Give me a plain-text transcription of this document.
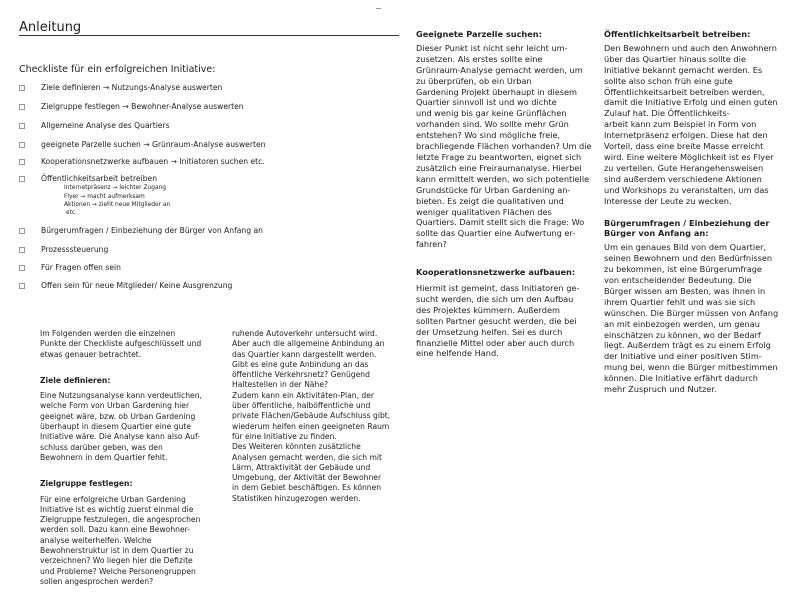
Anleitung
Checkliste für ein erfolgreichen Initiative:
Ziele definieren → Nutzungs-Analyse auswerten
Zielgruppe festlegen → Bewohner-Analyse auswerten
Allgemeine Analyse des Quartiers
geeignete Parzelle suchen → Grünraum-Analyse auswerten
Kooperationsnetzwerke aufbauen → Initiatoren suchen etc.
Öffentlichkeitsarbeit betreiben
Internetpräsenz → leichter Zugang
Flyer → macht aufmerksam
Aktionen → zieht neue Mitglieder an
etc.
Bürgerumfragen / Einbeziehung der Bürger von Anfang an
Prozesssteuerung
Für Fragen offen sein
Offen sein für neue Mitglieder/ Keine Ausgrenzung

Im Folgenden werden die einzelnen

Punkte der Checkliste aufgeschlüsselt und

etwas genauer betrachtet.

Ziele definieren:

Eine Nutzungsanalyse kann verdeutlichen,

welche Form von Urban Gardening hier

geeignet wäre, bzw. ob Urban Gardening

überhaupt in diesem Quartier eine gute

Initiative wäre. Die Analyse kann also Auf-

schluss darüber geben, was den

Bewohnern in dem Quartier fehlt.

Zielgruppe festlegen:

Für eine erfolgreiche Urban Gardening

Initiative ist es wichtig zuerst einmal die

Zielgruppe festzulegen, die angesprochen

werden soll. Dazu kann eine Bewohner-

analyse weiterhelfen. Welche

Bewohnerstruktur ist in dem Quartier zu

verzeichnen? Wo liegen hier die Defizite

und Probleme? Welche Personengruppen

sollen angesprochen werden?

ruhende Autoverkehr untersucht wird.

Aber auch die allgemeine Anbindung an

das Quartier kann dargestellt werden.

Gibt es eine gute Anbindung an das

öffentliche Verkehrsnetz? Genügend

Haltestellen in der Nähe?

Zudem kann ein Aktivitäten-Plan, der

über öffentliche, halböffentliche und

private Flächen/Gebäude Aufschluss gibt,

wiederum helfen einen geeigneten Raum

für eine Initiative zu finden.

Des Weiteren könnten zusätzliche

Analysen gemacht werden, die sich mit

Lärm, Attraktivität der Gebäude und

Umgebung, der Aktivität der Bewohner

in dem Gebiet beschäftigen. Es können

Statistiken hinzugezogen werden.

Geeignete Parzelle suchen:

Dieser Punkt ist nicht sehr leicht um-

zusetzen. Als erstes sollte eine

Grünraum-Analyse gemacht werden, um

zu überprüfen, ob ein Urban

Gardening Projekt überhaupt in diesem

Quartier sinnvoll ist und wo dichte

und wenig bis gar keine Grünflächen

vorhanden sind. Wo sollte mehr Grün

entstehen? Wo sind mögliche freie,

brachliegende Flächen vorhanden? Um die

letzte Frage zu beantworten, eignet sich

zusätzlich eine Freiraumanalyse. Hierbei

kann ermittelt werden, wo sich potentielle

Grundstücke für Urban Gardening an-

bieten. Es zeigt die qualitativen und

weniger qualitativen Flächen des

Quartiers. Damit stellt sich die Frage: Wo

sollte das Quartier eine Aufwertung er-

fahren?

Kooperationsnetzwerke aufbauen:

Hiermit ist gemeint, dass Initiatoren ge-

sucht werden, die sich um den Aufbau

des Projektes kümmern. Außerdem

sollten Partner gesucht werden, die bei

der Umsetzung helfen. Sei es durch

finanzielle Mittel oder aber auch durch

eine helfende Hand.

Öffentlichkeitsarbeit betreiben:

Den Bewohnern und auch den Anwohnern

über das Quartier hinaus sollte die

Initiative bekannt gemacht werden. Es

sollte also schon früh eine gute

Öffentlichkeitsarbeit betreiben werden,

damit die Initiative Erfolg und einen guten

Zulauf hat. Die Öffentlichkeits-

arbeit kann zum Beispiel in Form von

Internetpräsenz erfolgen. Diese hat den

Vorteil, dass eine breite Masse erreicht

wird. Eine weitere Möglichkeit ist es Flyer

zu verteilen. Gute Herangehensweisen

sind außerdem verschiedene Aktionen

und Workshops zu veranstalten, um das

Interesse der Leute zu wecken.

Bürgerumfragen / Einbeziehung der
Bürger von Anfang an:

Um ein genaues Bild von dem Quartier,

seinen Bewohnern und den Bedürfnissen

zu bekommen, ist eine Bürgerumfrage

von entscheidender Bedeutung. Die

Bürger wissen am Besten, was ihnen in

ihrem Quartier fehlt und was sie sich

wünschen. Die Bürger müssen von Anfang

an mit einbezogen werden, um genau

einschätzen zu können, wo der Bedarf

liegt. Außerdem trägt es zu einem Erfolg

der Initiative und einer positiven Stim-

mung bei, wenn die Bürger mitbestimmen

können. Die Initiative erfährt dadurch

mehr Zuspruch und Nutzer.
